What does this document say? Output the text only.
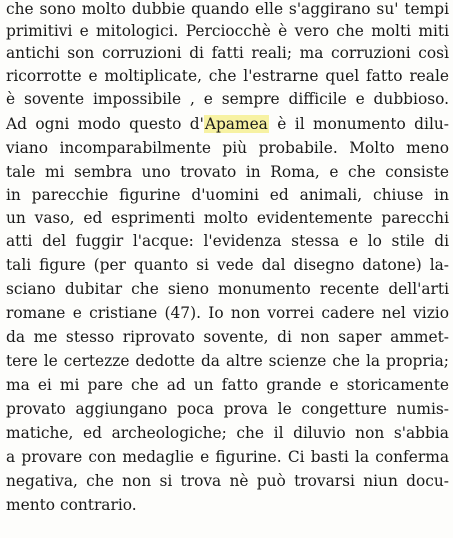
che sono molto dubbie quando elle s'aggirano su' tempi
primitivi e mitologici. Perciocchè è vero che molti miti
antichi son corruzioni di fatti reali; ma corruzioni così
ricorrotte e moltiplicate, che l'estrarne quel fatto reale
è sovente impossibile , e sempre difficile e dubbioso.
Ad ogni modo questo d'Apamea è il monumento dilu-
viano incomparabilmente più probabile. Molto meno
tale mi sembra uno trovato in Roma, e che consiste
in parecchie figurine d'uomini ed animali, chiuse in
un vaso, ed esprimenti molto evidentemente parecchi
atti del fuggir l'acque: l'evidenza stessa e lo stile di
tali figure (per quanto si vede dal disegno datone) la-
sciano dubitar che sieno monumento recente dell'arti
romane e cristiane (47). Io non vorrei cadere nel vizio
da me stesso riprovato sovente, di non saper ammet-
tere le certezze dedotte da altre scienze che la propria;
ma ei mi pare che ad un fatto grande e storicamente
provato aggiungano poca prova le congetture numis-
matiche, ed archeologiche; che il diluvio non s'abbia
a provare con medaglie e figurine. Ci basti la conferma
negativa, che non si trova nè può trovarsi niun docu-
mento contrario.
